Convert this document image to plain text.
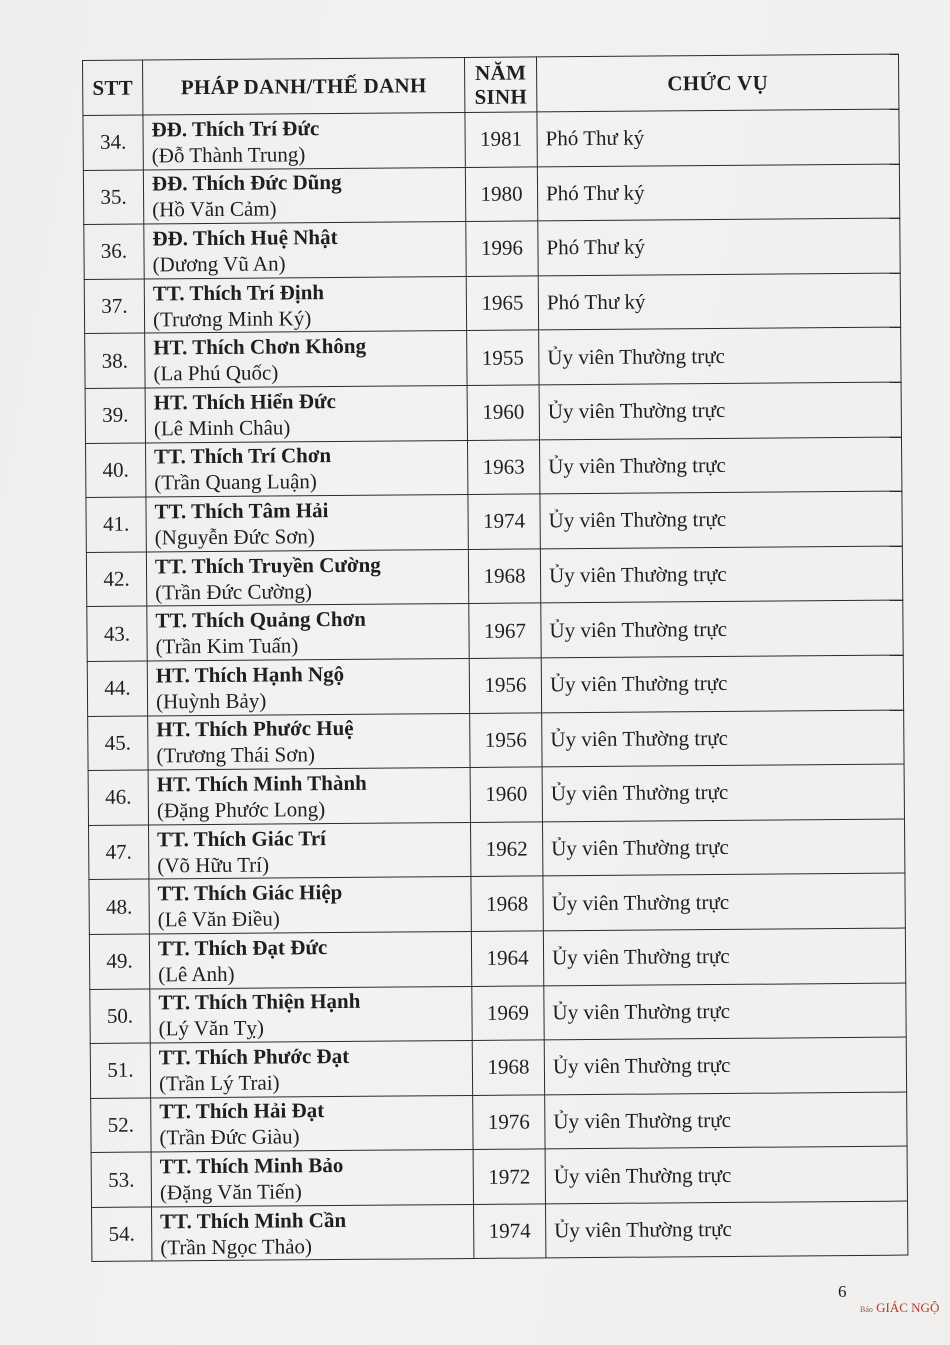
STT	PHÁP DANH/THẾ DANH	NĂM
SINH	CHỨC VỤ
34.	ĐĐ. Thích Trí Đức
(Đỗ Thành Trung)	1981	Phó Thư ký
35.	ĐĐ. Thích Đức Dũng
(Hồ Văn Cảm)	1980	Phó Thư ký
36.	ĐĐ. Thích Huệ Nhật
(Dương Vũ An)	1996	Phó Thư ký
37.	TT. Thích Trí Định
(Trương Minh Ký)	1965	Phó Thư ký
38.	HT. Thích Chơn Không
(La Phú Quốc)	1955	Ủy viên Thường trực
39.	HT. Thích Hiển Đức
(Lê Minh Châu)	1960	Ủy viên Thường trực
40.	TT. Thích Trí Chơn
(Trần Quang Luận)	1963	Ủy viên Thường trực
41.	TT. Thích Tâm Hải
(Nguyễn Đức Sơn)	1974	Ủy viên Thường trực
42.	TT. Thích Truyền Cường
(Trần Đức Cường)	1968	Ủy viên Thường trực
43.	TT. Thích Quảng Chơn
(Trần Kim Tuấn)	1967	Ủy viên Thường trực
44.	HT. Thích Hạnh Ngộ
(Huỳnh Bảy)	1956	Ủy viên Thường trực
45.	HT. Thích Phước Huệ
(Trương Thái Sơn)	1956	Ủy viên Thường trực
46.	HT. Thích Minh Thành
(Đặng Phước Long)	1960	Ủy viên Thường trực
47.	TT. Thích Giác Trí
(Võ Hữu Trí)	1962	Ủy viên Thường trực
48.	TT. Thích Giác Hiệp
(Lê Văn Điều)	1968	Ủy viên Thường trực
49.	TT. Thích Đạt Đức
(Lê Anh)	1964	Ủy viên Thường trực
50.	TT. Thích Thiện Hạnh
(Lý Văn Tỵ)	1969	Ủy viên Thường trực
51.	TT. Thích Phước Đạt
(Trần Lý Trai)	1968	Ủy viên Thường trực
52.	TT. Thích Hải Đạt
(Trần Đức Giàu)	1976	Ủy viên Thường trực
53.	TT. Thích Minh Bảo
(Đặng Văn Tiến)	1972	Ủy viên Thường trực
54.	TT. Thích Minh Cần
(Trần Ngọc Thảo)	1974	Ủy viên Thường trực
6
Báo GIÁC NGỘ
